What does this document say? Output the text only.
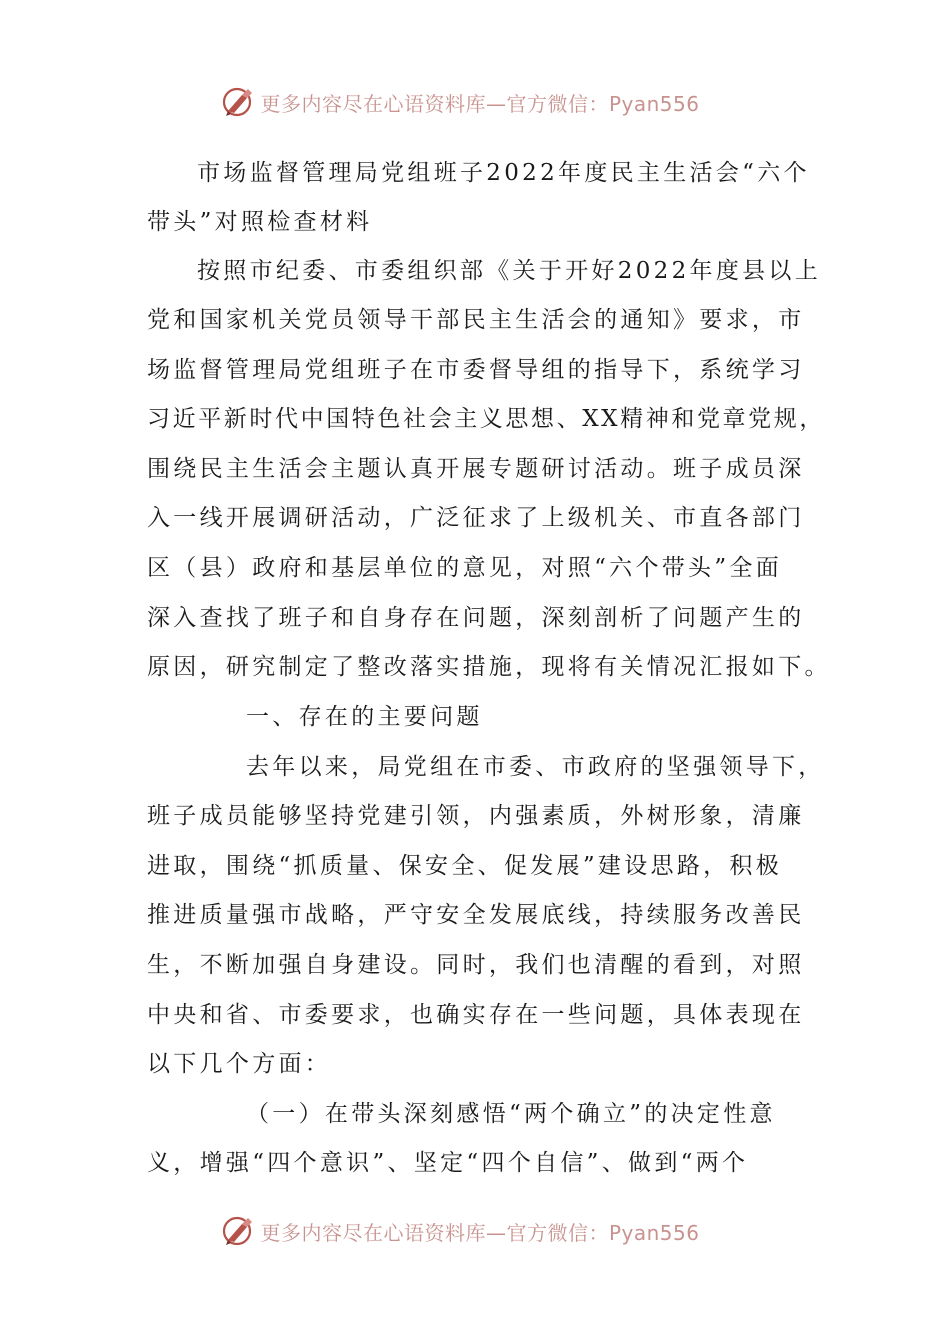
更多内容尽在心语资料库—官方微信：Pyan556
市场监督管理局党组班子2022年度民主生活会“六个
带头”对照检查材料
按照市纪委、市委组织部《关于开好2022年度县以上
党和国家机关党员领导干部民主生活会的通知》要求，市
场监督管理局党组班子在市委督导组的指导下，系统学习
习近平新时代中国特色社会主义思想、XX精神和党章党规，
围绕民主生活会主题认真开展专题研讨活动。班子成员深
入一线开展调研活动，广泛征求了上级机关、市直各部门
区（县）政府和基层单位的意见，对照“六个带头”全面
深入查找了班子和自身存在问题，深刻剖析了问题产生的
原因，研究制定了整改落实措施，现将有关情况汇报如下。
一、存在的主要问题
去年以来，局党组在市委、市政府的坚强领导下，
班子成员能够坚持党建引领，内强素质，外树形象，清廉
进取，围绕“抓质量、保安全、促发展”建设思路，积极
推进质量强市战略，严守安全发展底线，持续服务改善民
生，不断加强自身建设。同时，我们也清醒的看到，对照
中央和省、市委要求，也确实存在一些问题，具体表现在
以下几个方面：
（一）在带头深刻感悟“两个确立”的决定性意
义，增强“四个意识”、坚定“四个自信”、做到“两个
更多内容尽在心语资料库—官方微信：Pyan556
